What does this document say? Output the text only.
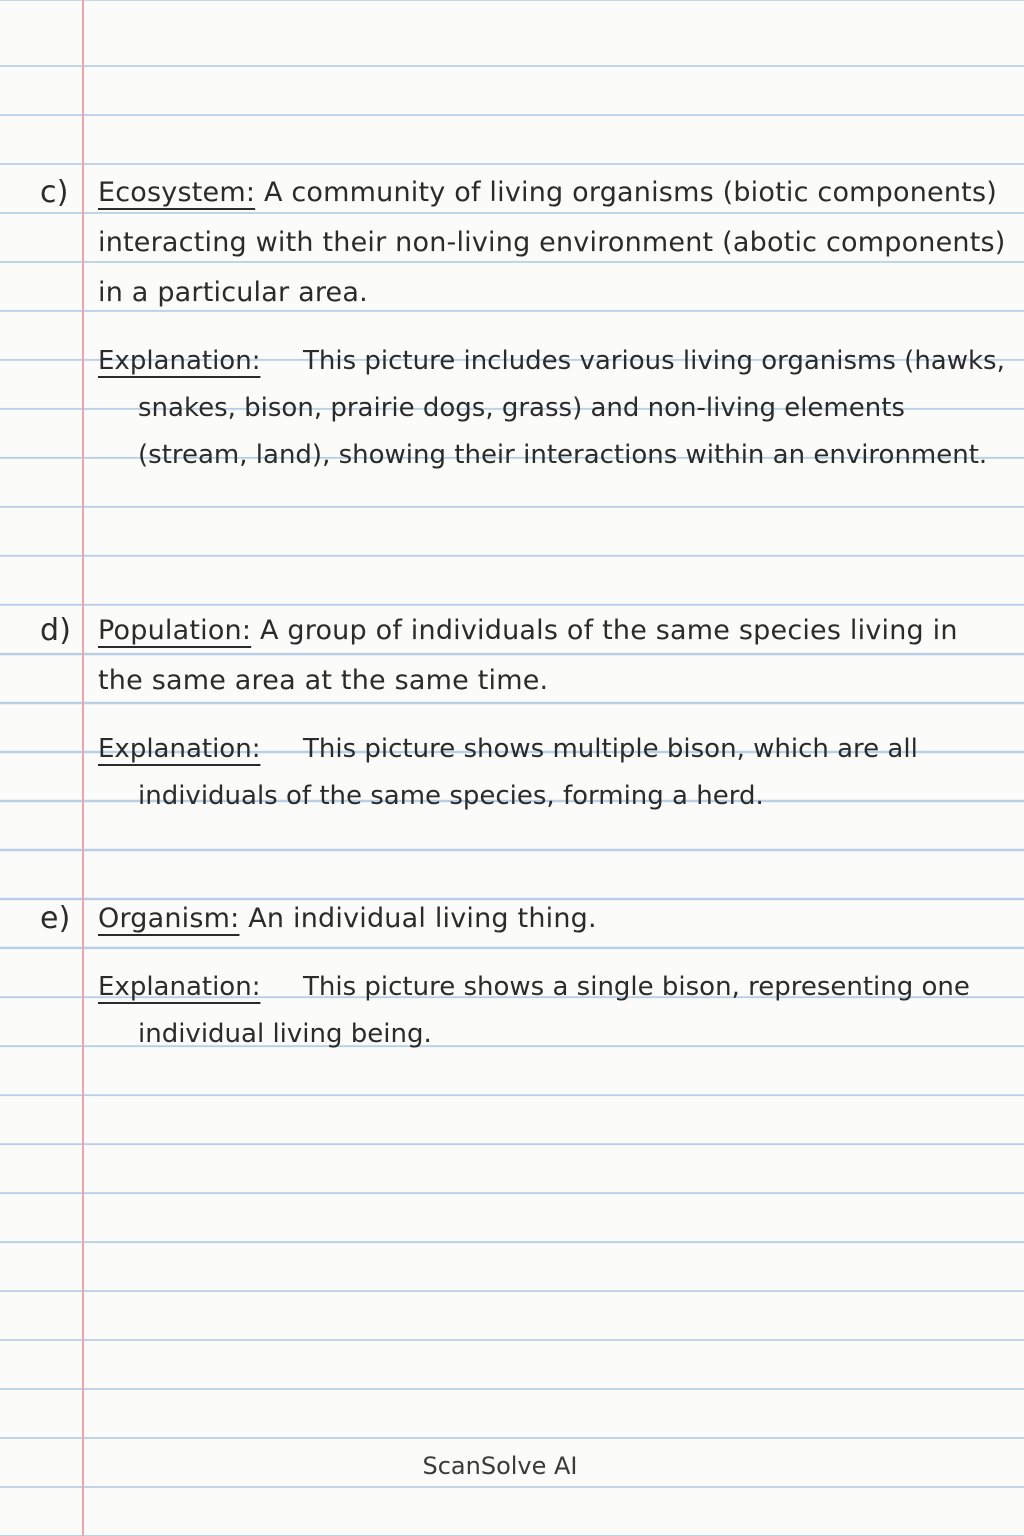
c) Ecosystem: A community of living organisms (biotic components) interacting with their non-living environment (abotic components) in a particular area.
Explanation:	This picture includes various living organisms (hawks, snakes, bison, prairie dogs, grass) and non-living elements (stream, land), showing their interactions within an environment.
d) Population: A group of individuals of the same species living in the same area at the same time.
Explanation:	This picture shows multiple bison, which are all individuals of the same species, forming a herd.
e) Organism: An individual living thing.
Explanation:	This picture shows a single bison, representing one individual living being.
ScanSolve AI
